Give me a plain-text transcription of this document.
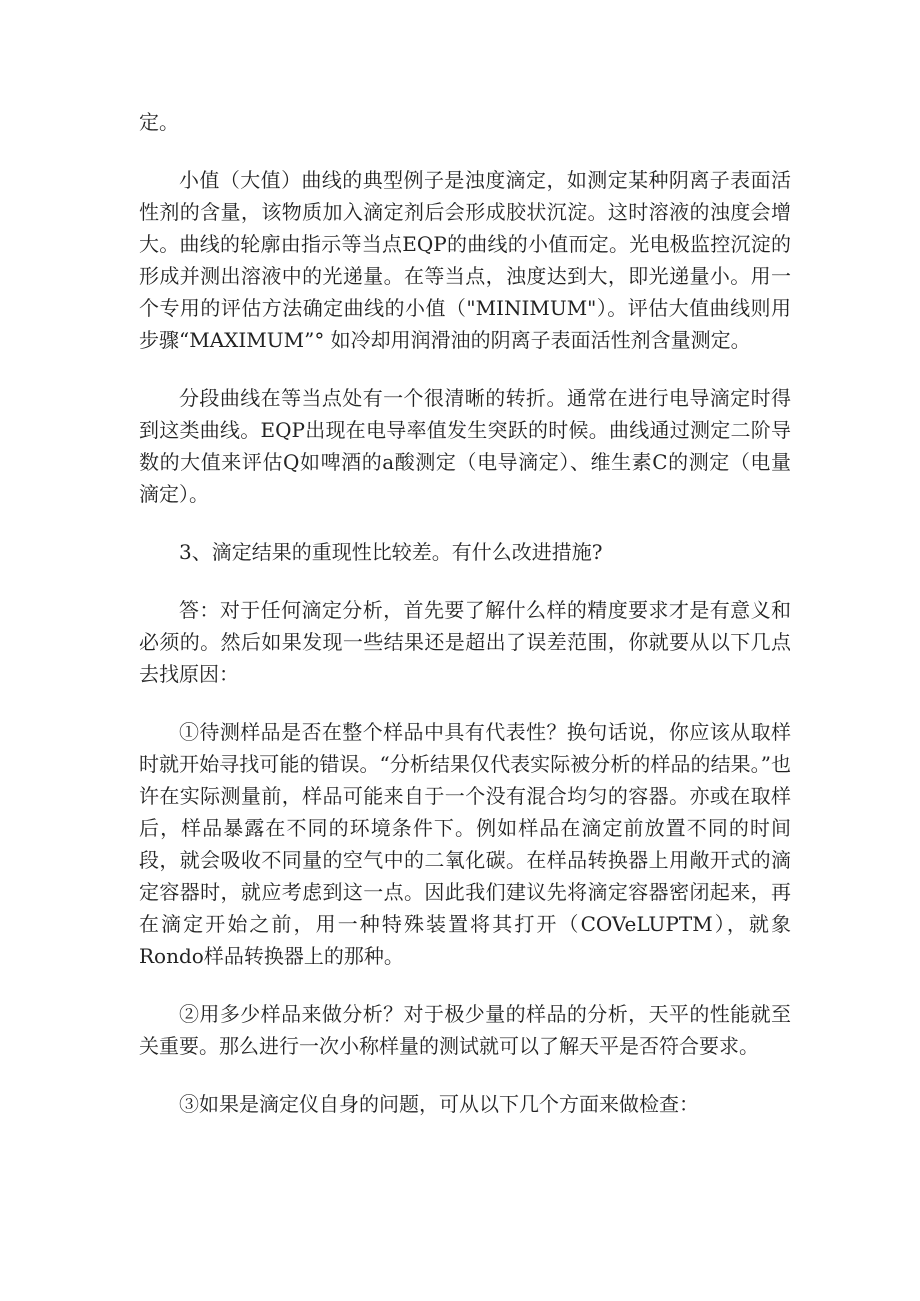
定。

小值（大值）曲线的典型例子是浊度滴定，如测定某种阴离子表面活性剂的含量，该物质加入滴定剂后会形成胶状沉淀。这时溶液的浊度会增大。曲线的轮廓由指示等当点EQP的曲线的小值而定。光电极监控沉淀的形成并测出溶液中的光递量。在等当点，浊度达到大，即光递量小。用一个专用的评估方法确定曲线的小值（"MINIMUM"）。评估大值曲线则用步骤“MAXIMUM”° 如冷却用润滑油的阴离子表面活性剂含量测定。

分段曲线在等当点处有一个很清晰的转折。通常在进行电导滴定时得到这类曲线。EQP出现在电导率值发生突跃的时候。曲线通过测定二阶导数的大值来评估Q如啤酒的a酸测定（电导滴定）、维生素C的测定（电量滴定）。

3、滴定结果的重现性比较差。有什么改进措施?

答：对于任何滴定分析，首先要了解什么样的精度要求才是有意义和必须的。然后如果发现一些结果还是超出了误差范围，你就要从以下几点去找原因：

①待测样品是否在整个样品中具有代表性？换句话说，你应该从取样时就开始寻找可能的错误。“分析结果仅代表实际被分析的样品的结果。”也许在实际测量前，样品可能来自于一个没有混合均匀的容器。亦或在取样后，样品暴露在不同的环境条件下。例如样品在滴定前放置不同的时间段，就会吸收不同量的空气中的二氧化碳。在样品转换器上用敞开式的滴定容器时，就应考虑到这一点。因此我们建议先将滴定容器密闭起来，再在滴定开始之前，用一种特殊装置将其打开（COVeLUPTM），就象Rondo样品转换器上的那种。

②用多少样品来做分析？对于极少量的样品的分析，天平的性能就至关重要。那么进行一次小称样量的测试就可以了解天平是否符合要求。

③如果是滴定仪自身的问题，可从以下几个方面来做检查：
